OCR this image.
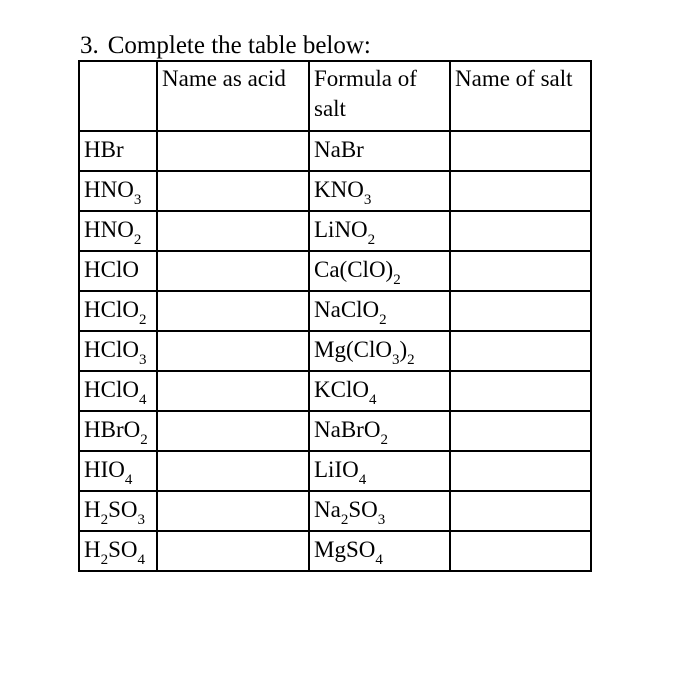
3. Complete the table below:
	Name as acid	Formula of salt	Name of salt
HBr		NaBr	
$HNO_3$		$KNO_3$	
$HNO_2$		LiNO$_2$	
HClO		$Ca(ClO)_2$	
HClO$_2$		NaClO$_2$	
HClO$_3$		$Mg(ClO_3)_2$	
HClO$_4$		KClO$_4$	
HBrO$_2$		NaBrO$_2$	
$HIO_4$		LiIO$_4$	
$H_2SO_3$		$Na_2SO_3$	
$H_2SO_4$		MgSO$_4$	
